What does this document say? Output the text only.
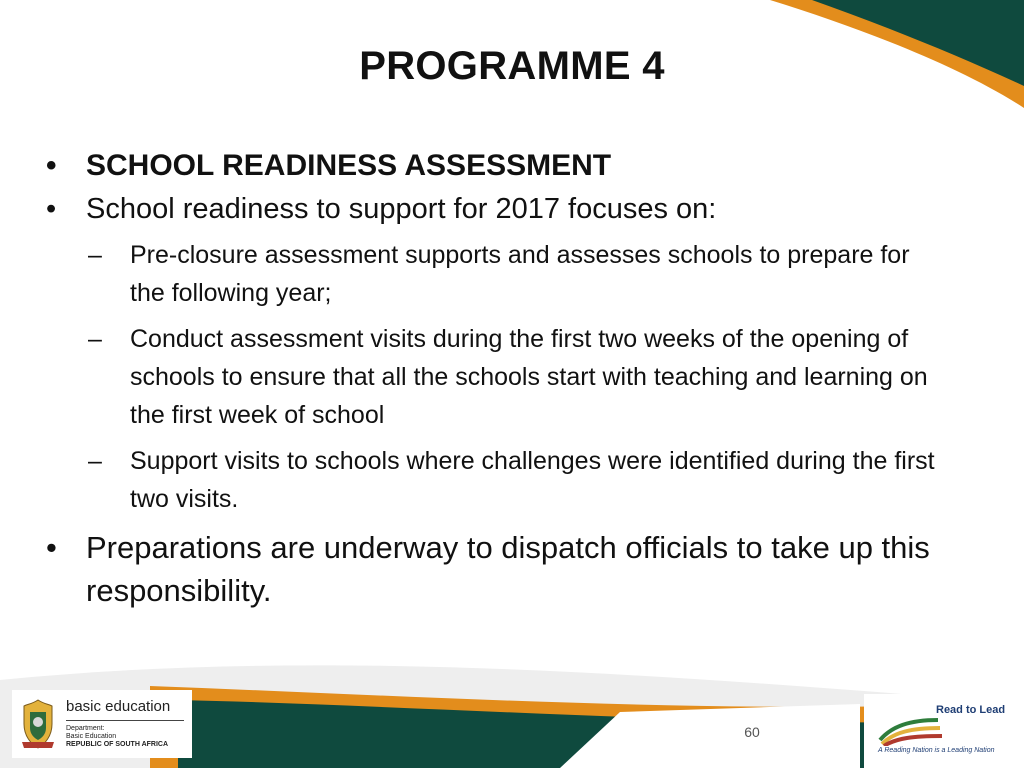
PROGRAMME 4
• SCHOOL READINESS ASSESSMENT
• School readiness to support for 2017 focuses on:
– Pre-closure assessment supports and assesses schools to prepare for the following year;
– Conduct assessment visits during the first two weeks of the opening of schools to ensure that all the schools start with teaching and learning on the first week of school
– Support visits to schools where challenges were identified during the first two visits.
• Preparations are underway to dispatch officials to take up this responsibility.
60
basic education
Department:
Basic Education
REPUBLIC OF SOUTH AFRICA
Read to Lead
A Reading Nation is a Leading Nation
